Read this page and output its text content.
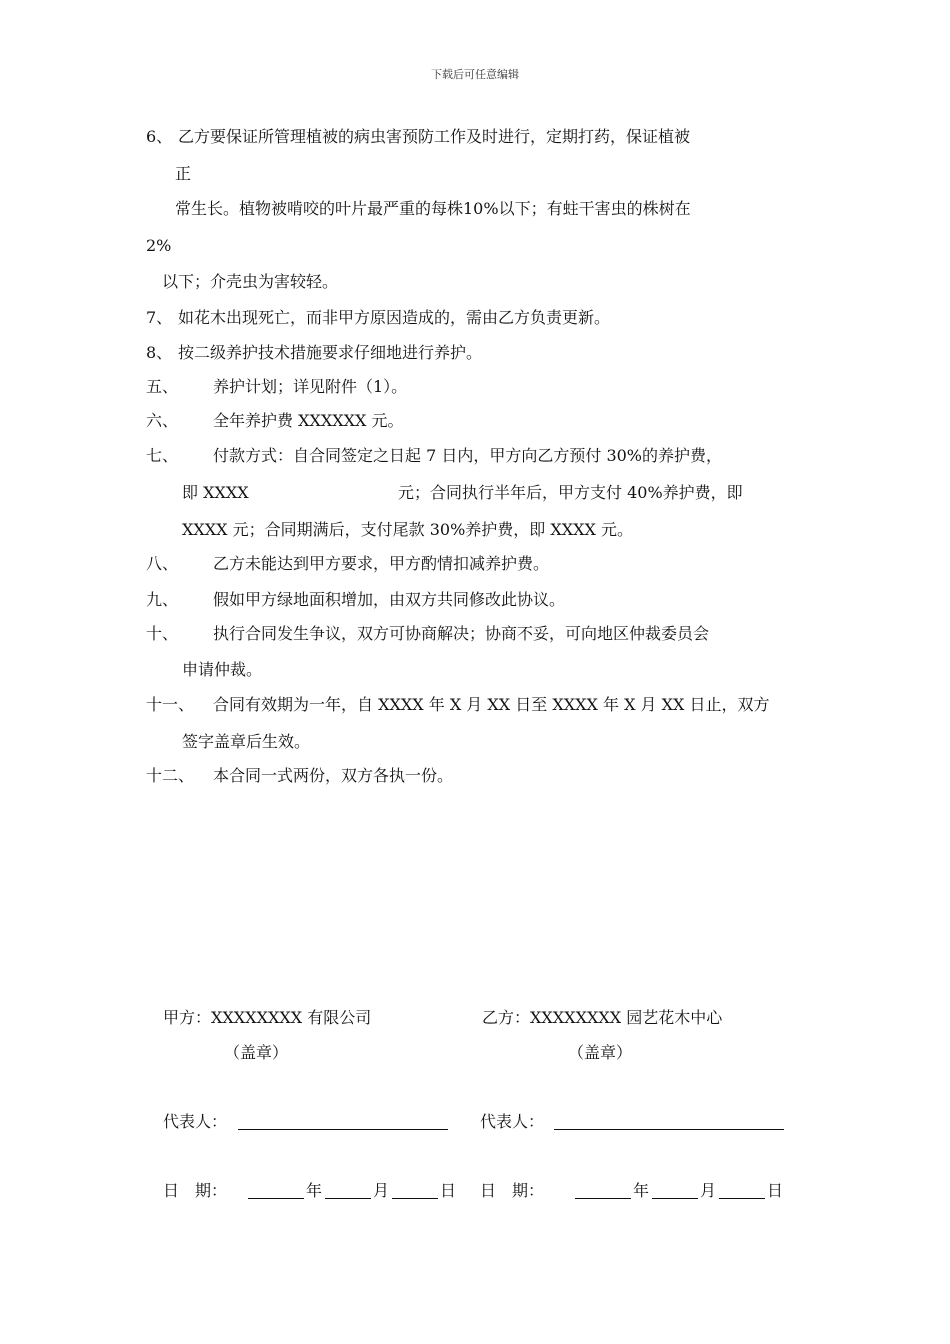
下载后可任意编辑
6、 乙方要保证所管理植被的病虫害预防工作及时进行，定期打药，保证植被
正
常生长。植物被啃咬的叶片最严重的每株10%以下；有蛀干害虫的株树在
2%
以下；介壳虫为害较轻。
7、 如花木出现死亡，而非甲方原因造成的，需由乙方负责更新。
8、 按二级养护技术措施要求仔细地进行养护。
五、 养护计划；详见附件（1）。
六、 全年养护费 XXXXXX 元。
七、 付款方式：自合同签定之日起 7 日内，甲方向乙方预付 30%的养护费，
即 XXXX	元；合同执行半年后，甲方支付 40%养护费，即
XXXX 元；合同期满后，支付尾款 30%养护费，即 XXXX 元。
八、 乙方未能达到甲方要求，甲方酌情扣减养护费。
九、 假如甲方绿地面积增加，由双方共同修改此协议。
十、 执行合同发生争议，双方可协商解决；协商不妥，可向地区仲裁委员会
申请仲裁。
十一、 合同有效期为一年，自 XXXX 年 X 月 XX 日至 XXXX 年 X 月 XX 日止，双方
签字盖章后生效。
十二、 本合同一式两份，双方各执一份。
甲方：XXXXXXXX 有限公司	乙方：XXXXXXXX 园艺花木中心
（盖章）	（盖章）
代表人：	代表人：
日　期：	年	月	日 日　期：	年	月	日
